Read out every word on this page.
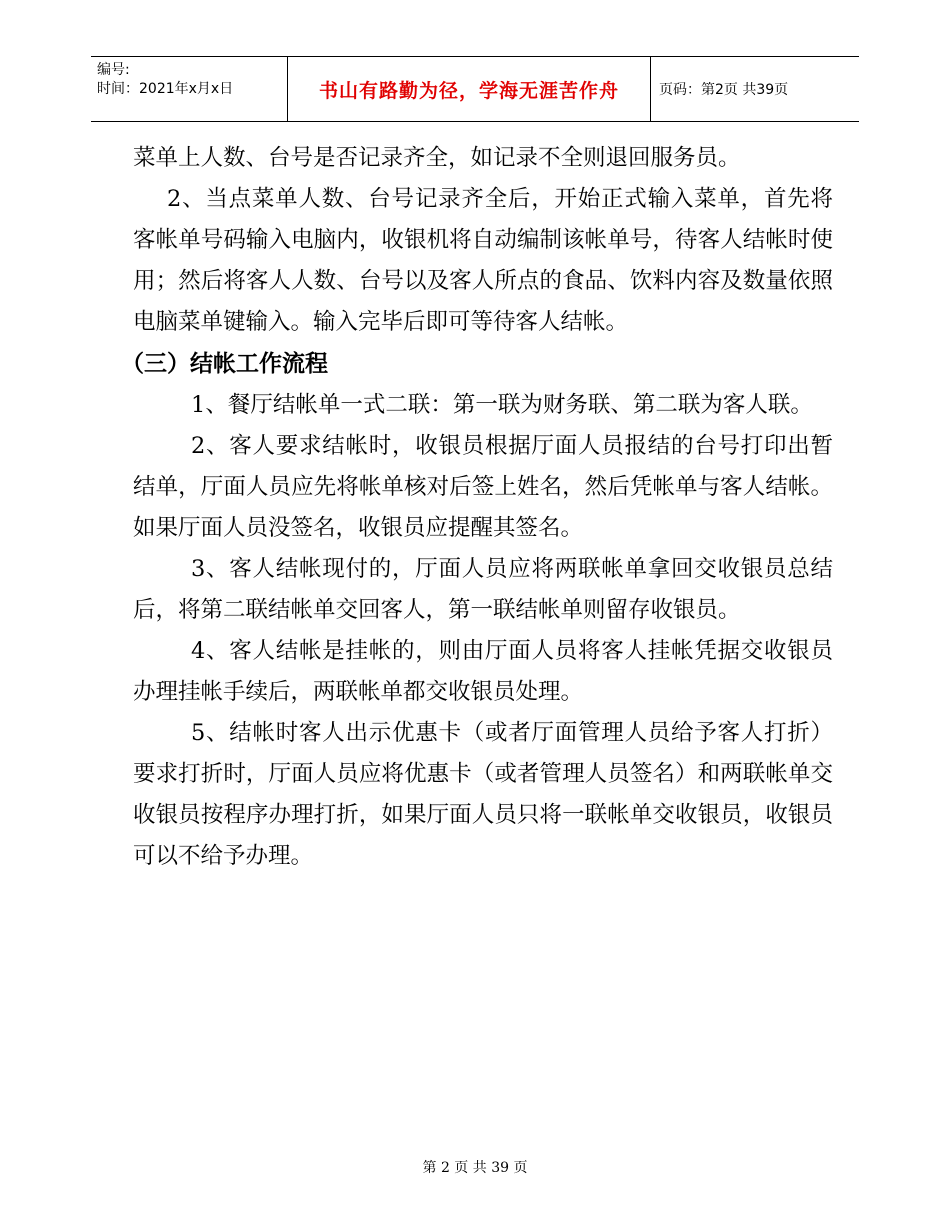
编号:
时间：2021年x月x日	书山有路勤为径，学海无涯苦作舟	页码：第2页 共39页

菜单上人数、台号是否记录齐全，如记录不全则退回服务员。

2、当点菜单人数、台号记录齐全后，开始正式输入菜单，首先将客帐单号码输入电脑内，收银机将自动编制该帐单号，待客人结帐时使用；然后将客人人数、台号以及客人所点的食品、饮料内容及数量依照电脑菜单键输入。输入完毕后即可等待客人结帐。

（三）结帐工作流程

1、餐厅结帐单一式二联：第一联为财务联、第二联为客人联。

2、客人要求结帐时，收银员根据厅面人员报结的台号打印出暂结单，厅面人员应先将帐单核对后签上姓名，然后凭帐单与客人结帐。如果厅面人员没签名，收银员应提醒其签名。

3、客人结帐现付的，厅面人员应将两联帐单拿回交收银员总结后，将第二联结帐单交回客人，第一联结帐单则留存收银员。

4、客人结帐是挂帐的，则由厅面人员将客人挂帐凭据交收银员办理挂帐手续后，两联帐单都交收银员处理。

5、结帐时客人出示优惠卡（或者厅面管理人员给予客人打折）要求打折时，厅面人员应将优惠卡（或者管理人员签名）和两联帐单交收银员按程序办理打折，如果厅面人员只将一联帐单交收银员，收银员可以不给予办理。

第 2 页 共 39 页
